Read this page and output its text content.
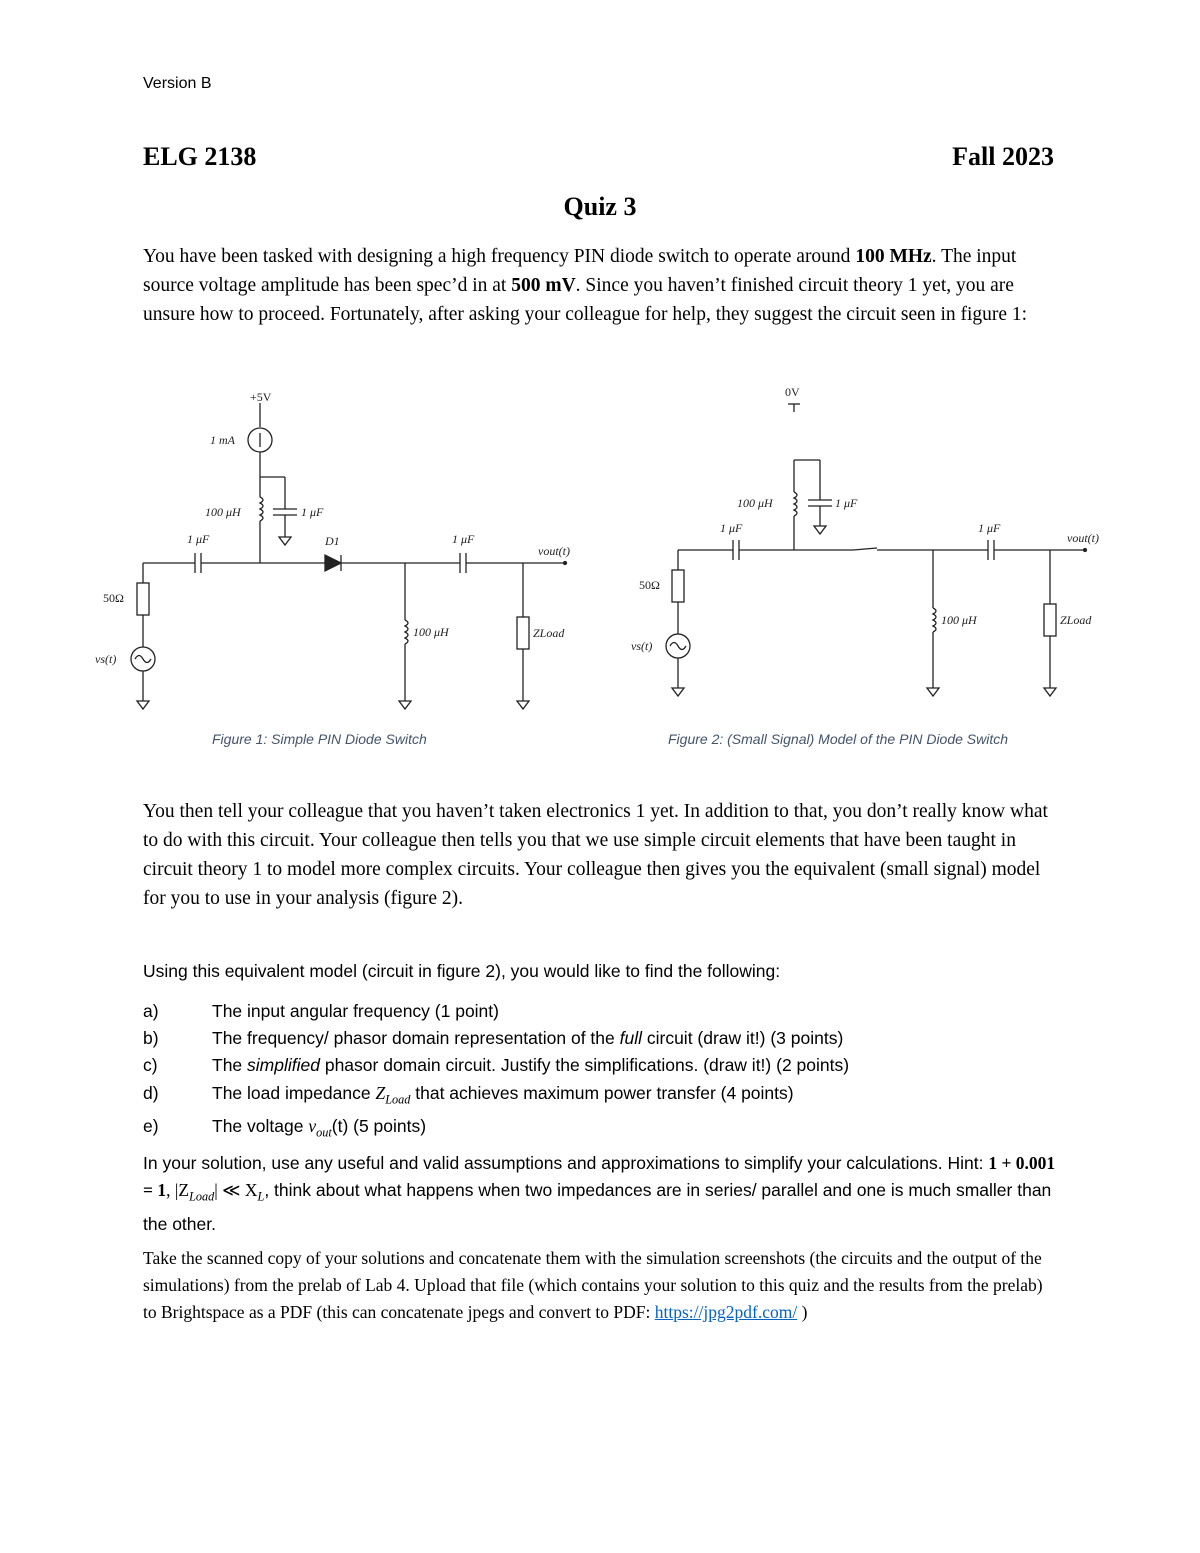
Version B
ELG 2138	Fall 2023
Quiz 3
You have been tasked with designing a high frequency PIN diode switch to operate around 100 MHz. The input source voltage amplitude has been spec’d in at 500 mV. Since you haven’t finished circuit theory 1 yet, you are unsure how to proceed. Fortunately, after asking your colleague for help, they suggest the circuit seen in figure 1:
+5V
1 mA
100 μH	1 μF
1 μF	D1	1 μF
vout(t)
50Ω
vs(t)
100 μH	ZLoad
Figure 1: Simple PIN Diode Switch
0V
100 μH	1 μF
1 μF	1 μF
vout(t)
50Ω
vs(t)
100 μH	ZLoad
Figure 2: (Small Signal) Model of the PIN Diode Switch
You then tell your colleague that you haven’t taken electronics 1 yet. In addition to that, you don’t really know what to do with this circuit. Your colleague then tells you that we use simple circuit elements that have been taught in circuit theory 1 to model more complex circuits. Your colleague then gives you the equivalent (small signal) model for you to use in your analysis (figure 2).
Using this equivalent model (circuit in figure 2), you would like to find the following:
a)	The input angular frequency (1 point)
b)	The frequency/ phasor domain representation of the full circuit (draw it!) (3 points)
c)	The simplified phasor domain circuit. Justify the simplifications. (draw it!) (2 points)
d)	The load impedance $Z_{Load}$ that achieves maximum power transfer (4 points)
e)	The voltage $v_{out}(t)$ (5 points)
In your solution, use any useful and valid assumptions and approximations to simplify your calculations. Hint: 1 + 0.001 = 1, $|Z_{Load}|$ ≪ $X_L$, think about what happens when two impedances are in series/ parallel and one is much smaller than the other.
Take the scanned copy of your solutions and concatenate them with the simulation screenshots (the circuits and the output of the simulations) from the prelab of Lab 4. Upload that file (which contains your solution to this quiz and the results from the prelab) to Brightspace as a PDF (this can concatenate jpegs and convert to PDF: https://jpg2pdf.com/ )
